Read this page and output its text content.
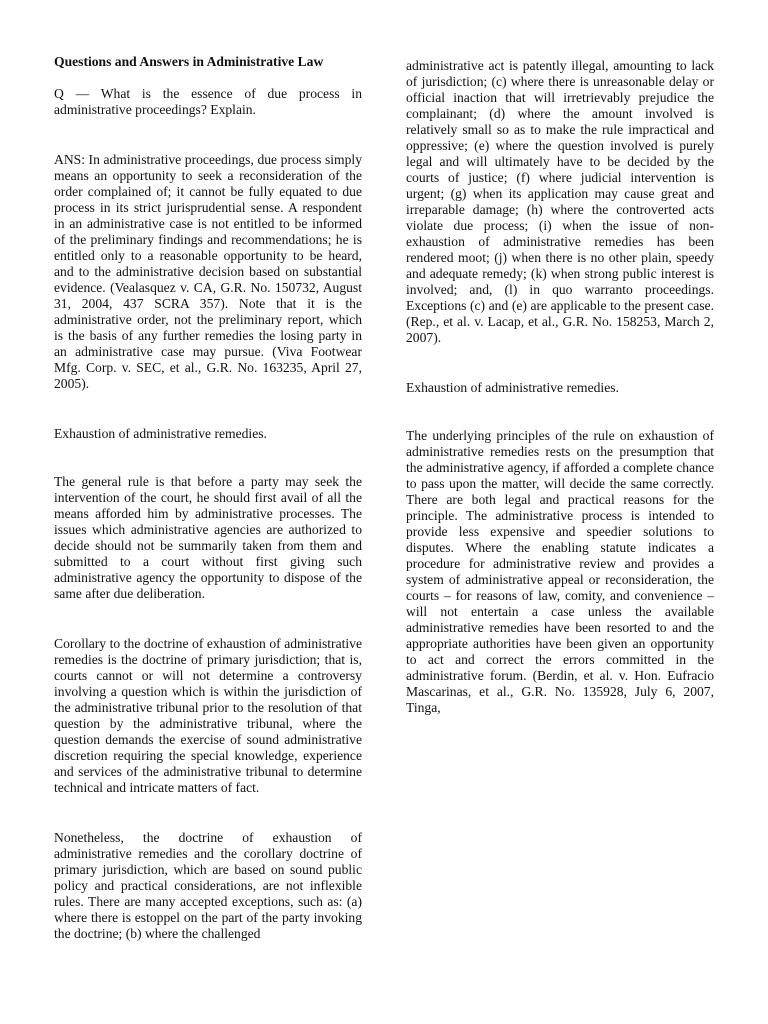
Questions and Answers in Administrative Law
Q — What is the essence of due process in administrative proceedings? Explain.
ANS: In administrative proceedings, due process simply means an opportunity to seek a reconsideration of the order complained of; it cannot be fully equated to due process in its strict jurisprudential sense. A respondent in an administrative case is not entitled to be informed of the preliminary findings and recommendations; he is entitled only to a reasonable opportunity to be heard, and to the administrative decision based on substantial evidence. (Vealasquez v. CA, G.R. No. 150732, August 31, 2004, 437 SCRA 357). Note that it is the administrative order, not the preliminary report, which is the basis of any further remedies the losing party in an administrative case may pursue. (Viva Footwear Mfg. Corp. v. SEC, et al., G.R. No. 163235, April 27, 2005).
Exhaustion of administrative remedies.
The general rule is that before a party may seek the intervention of the court, he should first avail of all the means afforded him by administrative processes. The issues which administrative agencies are authorized to decide should not be summarily taken from them and submitted to a court without first giving such administrative agency the opportunity to dispose of the same after due deliberation.
Corollary to the doctrine of exhaustion of administrative remedies is the doctrine of primary jurisdiction; that is, courts cannot or will not determine a controversy involving a question which is within the jurisdiction of the administrative tribunal prior to the resolution of that question by the administrative tribunal, where the question demands the exercise of sound administrative discretion requiring the special knowledge, experience and services of the administrative tribunal to determine technical and intricate matters of fact.
Nonetheless, the doctrine of exhaustion of administrative remedies and the corollary doctrine of primary jurisdiction, which are based on sound public policy and practical considerations, are not inflexible rules. There are many accepted exceptions, such as: (a) where there is estoppel on the part of the party invoking the doctrine; (b) where the challenged
administrative act is patently illegal, amounting to lack of jurisdiction; (c) where there is unreasonable delay or official inaction that will irretrievably prejudice the complainant; (d) where the amount involved is relatively small so as to make the rule impractical and oppressive; (e) where the question involved is purely legal and will ultimately have to be decided by the courts of justice; (f) where judicial intervention is urgent; (g) when its application may cause great and irreparable damage; (h) where the controverted acts violate due process; (i) when the issue of non-exhaustion of administrative remedies has been rendered moot; (j) when there is no other plain, speedy and adequate remedy; (k) when strong public interest is involved; and, (l) in quo warranto proceedings. Exceptions (c) and (e) are applicable to the present case. (Rep., et al. v. Lacap, et al., G.R. No. 158253, March 2, 2007).
Exhaustion of administrative remedies.
The underlying principles of the rule on exhaustion of administrative remedies rests on the presumption that the administrative agency, if afforded a complete chance to pass upon the matter, will decide the same correctly. There are both legal and practical reasons for the principle. The administrative process is intended to provide less expensive and speedier solutions to disputes. Where the enabling statute indicates a procedure for administrative review and provides a system of administrative appeal or reconsideration, the courts – for reasons of law, comity, and convenience – will not entertain a case unless the available administrative remedies have been resorted to and the appropriate authorities have been given an opportunity to act and correct the errors committed in the administrative forum. (Berdin, et al. v. Hon. Eufracio Mascarinas, et al., G.R. No. 135928, July 6, 2007, Tinga,
